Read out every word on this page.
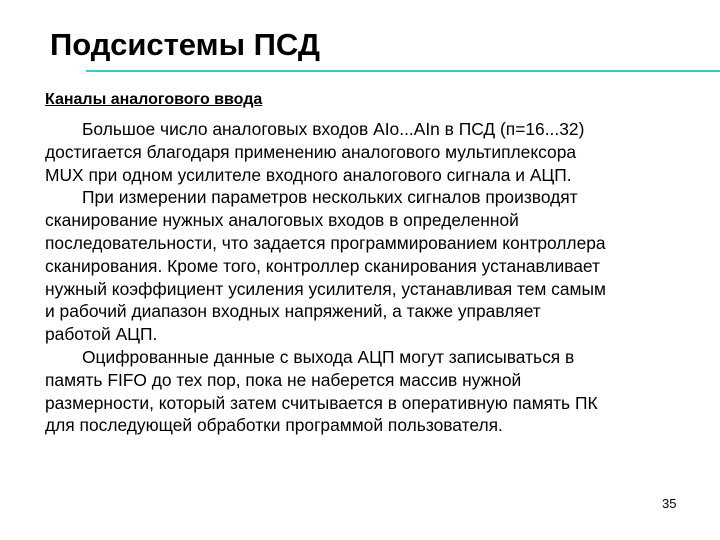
Подсистемы ПСД
Каналы аналогового ввода

Большое число аналоговых входов AIo...AIn в ПСД (п=16...32)
достигается благодаря применению аналогового мультиплексора
MUX при одном усилителе входного аналогового сигнала и АЦП.

При измерении параметров нескольких сигналов производят
сканирование нужных аналоговых входов в определенной
последовательности, что задается программированием контроллера
сканирования. Кроме того, контроллер сканирования устанавливает
нужный коэффициент усиления усилителя, устанавливая тем самым
и рабочий диапазон входных напряжений, а также управляет
работой АЦП.

Оцифрованные данные с выхода АЦП могут записываться в
память FIFO до тех пор, пока не наберется массив нужной
размерности, который затем считывается в оперативную память ПК
для последующей обработки программой пользователя.

35
